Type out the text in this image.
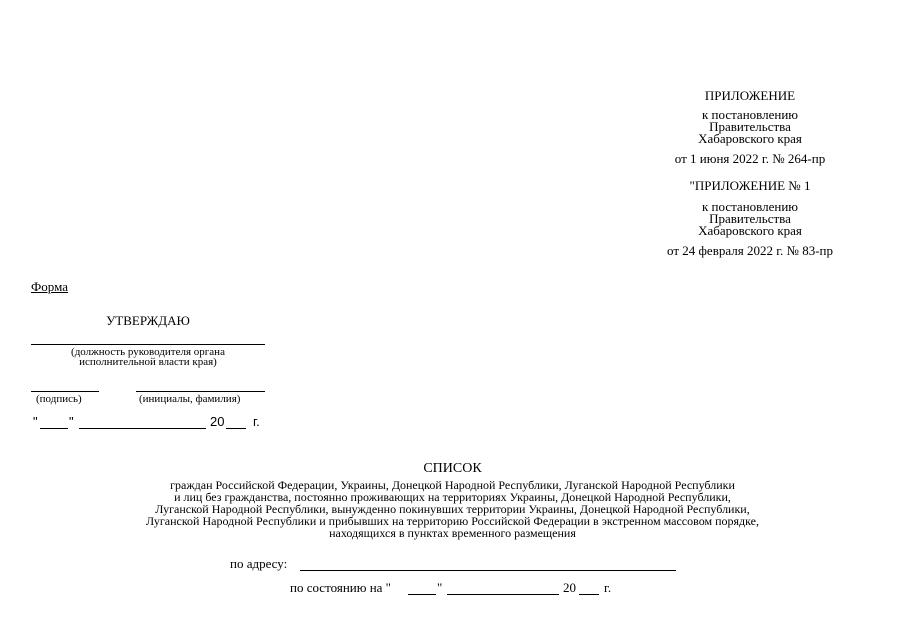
ПРИЛОЖЕНИЕ
к постановлению
Правительства
Хабаровского края
от 1 июня 2022 г. № 264-пр
"ПРИЛОЖЕНИЕ № 1
к постановлению
Правительства
Хабаровского края
от 24 февраля 2022 г. № 83-пр
Форма
УТВЕРЖДАЮ
(должность руководителя органа
исполнительной власти края)
(подпись)	(инициалы, фамилия)
" "	20 г.
СПИСОК
граждан Российской Федерации, Украины, Донецкой Народной Республики, Луганской Народной Республики
и лиц без гражданства, постоянно проживающих на территориях Украины, Донецкой Народной Республики,
Луганской Народной Республики, вынужденно покинувших территории Украины, Донецкой Народной Республики,
Луганской Народной Республики и прибывших на территорию Российской Федерации в экстренном массовом порядке,
находящихся в пунктах временного размещения
по адресу:
по состоянию на "	"	20 г.
